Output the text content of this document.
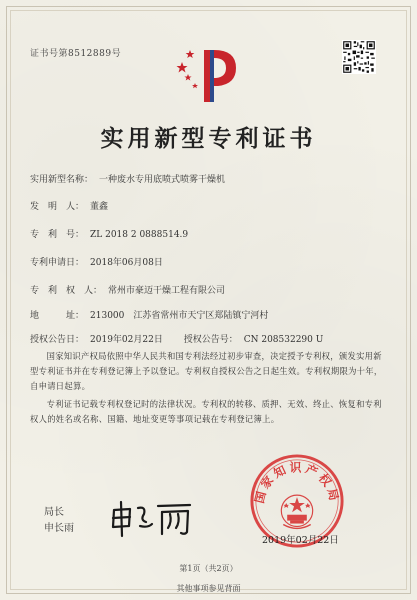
证书号第8512889号
实用新型专利证书
实用新型名称： 一种废水专用底喷式喷雾干燥机
发　明　人： 董鑫
专　利　号： ZL 2018 2 0888514.9
专利申请日： 2018年06月08日
专　利　权　人： 常州市豪迈干燥工程有限公司
地　　　址： 213000　江苏省常州市天宁区郑陆镇宁河村
授权公告日： 2019年02月22日 授权公告号： CN 208532290 U
国家知识产权局依照中华人民共和国专利法经过初步审查，决定授予专利权，颁发实用新型专利证书并在专利登记簿上予以登记。专利权自授权公告之日起生效。专利权期限为十年，自申请日起算。
专利证书记载专利权登记时的法律状况。专利权的转移、质押、无效、终止、恢复和专利权人的姓名或名称、国籍、地址变更等事项记载在专利登记簿上。
局长
申长雨
国家知识产权局
2019年02月22日
第1页（共2页）
其他事项参见背面
